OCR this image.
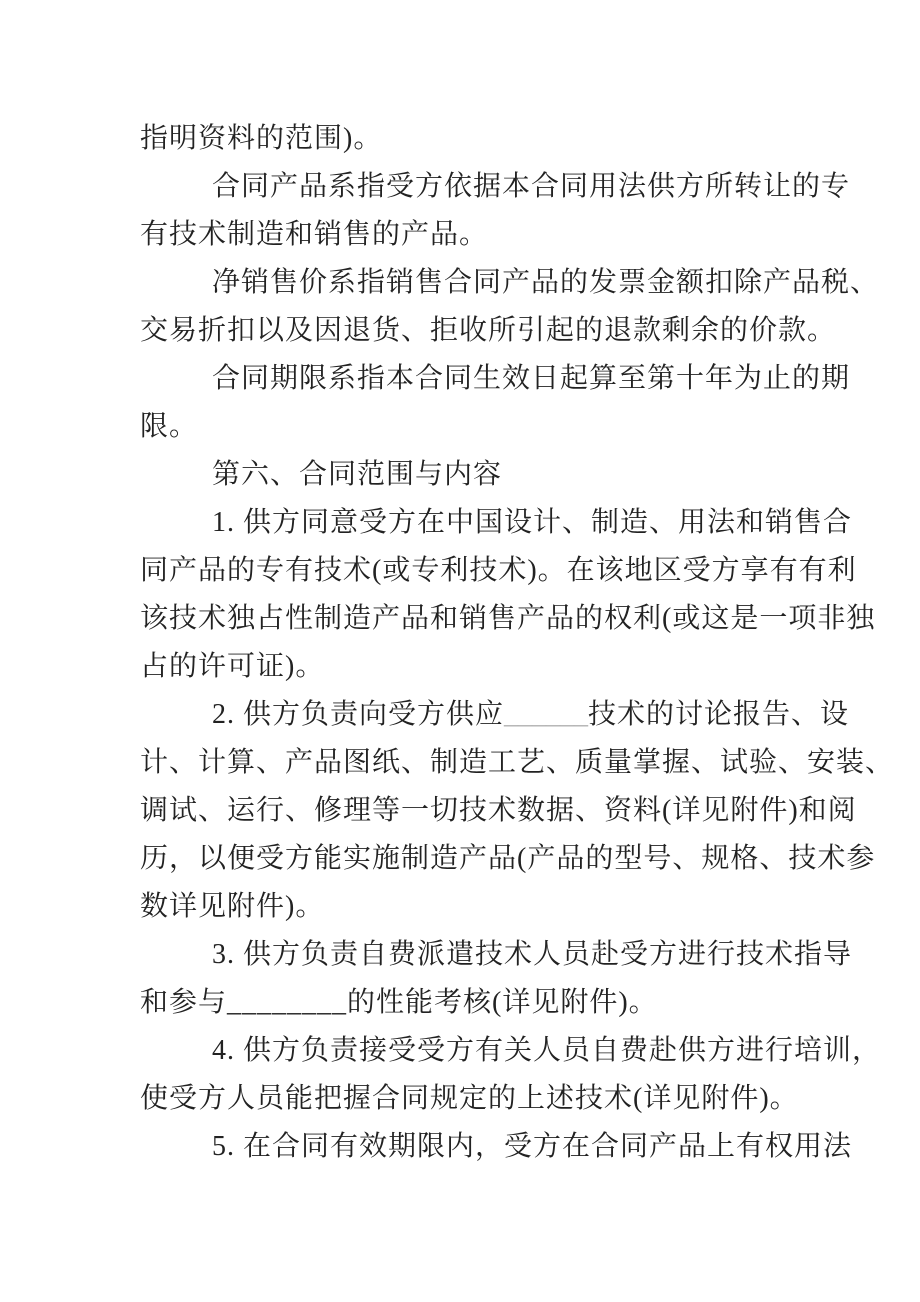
指明资料的范围)。
合同产品系指受方依据本合同用法供方所转让的专
有技术制造和销售的产品。
净销售价系指销售合同产品的发票金额扣除产品税、
交易折扣以及因退货、拒收所引起的退款剩余的价款。
合同期限系指本合同生效日起算至第十年为止的期
限。
第六、合同范围与内容
1. 供方同意受方在中国设计、制造、用法和销售合
同产品的专有技术(或专利技术)。在该地区受方享有有利
该技术独占性制造产品和销售产品的权利(或这是一项非独
占的许可证)。
2. 供方负责向受方供应______技术的讨论报告、设
计、计算、产品图纸、制造工艺、质量掌握、试验、安装、
调试、运行、修理等一切技术数据、资料(详见附件)和阅
历，以便受方能实施制造产品(产品的型号、规格、技术参
数详见附件)。
3. 供方负责自费派遣技术人员赴受方进行技术指导
和参与________的性能考核(详见附件)。
4. 供方负责接受受方有关人员自费赴供方进行培训，
使受方人员能把握合同规定的上述技术(详见附件)。
5. 在合同有效期限内，受方在合同产品上有权用法
